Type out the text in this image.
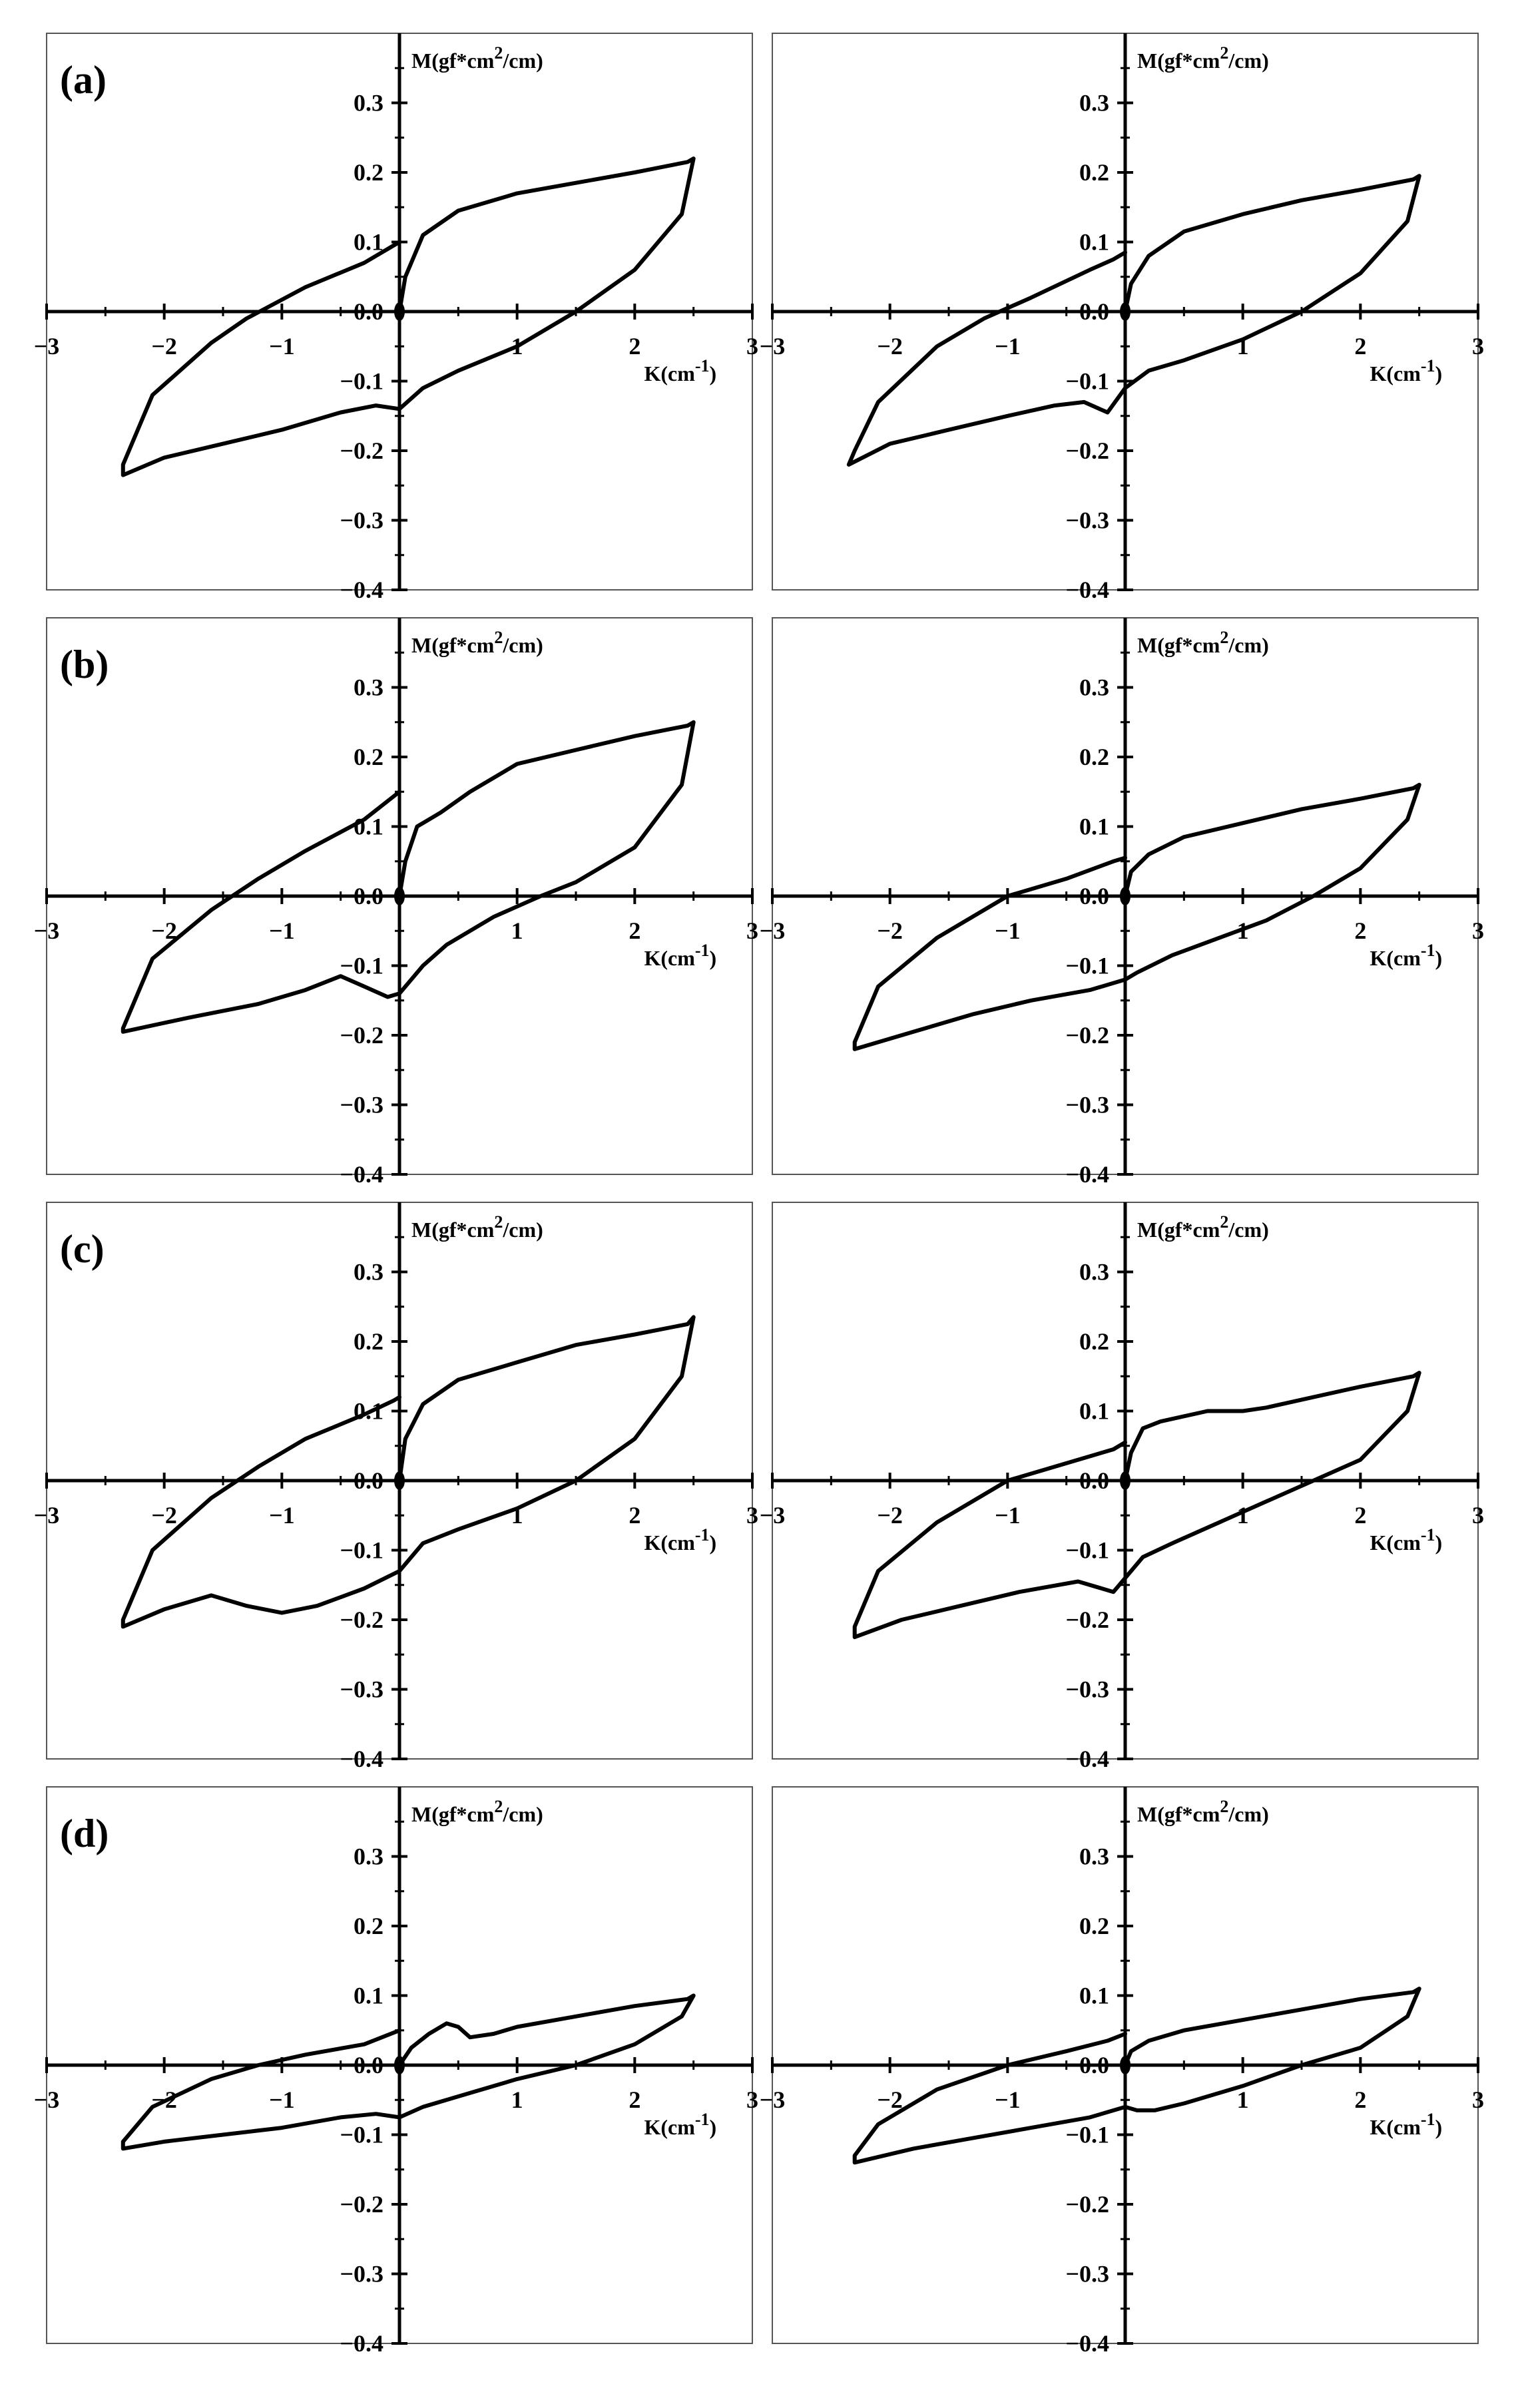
−3	−2	−1	1	2	3
−0.4
−0.3
−0.2
−0.1
0.0
0.1
0.2
0.3
$M(gf*cm^2/cm)$
$K(cm^{-1})$
(a)
−3	−2	−1	1	2	3
−0.4
−0.3
−0.2
−0.1
0.0
0.1
0.2
0.3
$M(gf*cm^2/cm)$
$K(cm^{-1})$
−3	−2	−1	1	2	3
−0.4
−0.3
−0.2
−0.1
0.0
0.1
0.2
0.3
$M(gf*cm^2/cm)$
$K(cm^{-1})$
(b)
−3	−2	−1	1	2	3
−0.4
−0.3
−0.2
−0.1
0.0
0.1
0.2
0.3
$M(gf*cm^2/cm)$
$K(cm^{-1})$
−3	−2	−1	1	2	3
−0.4
−0.3
−0.2
−0.1
0.0
0.1
0.2
0.3
$M(gf*cm^2/cm)$
$K(cm^{-1})$
(c)
−3	−2	−1	1	2	3
−0.4
−0.3
−0.2
−0.1
0.0
0.1
0.2
0.3
$M(gf*cm^2/cm)$
$K(cm^{-1})$
−3	−2	−1	1	2	3
−0.4
−0.3
−0.2
−0.1
0.0
0.1
0.2
0.3
$M(gf*cm^2/cm)$
$K(cm^{-1})$
(d)
−3	−2	−1	1	2	3
−0.4
−0.3
−0.2
−0.1
0.0
0.1
0.2
0.3
$M(gf*cm^2/cm)$
$K(cm^{-1})$
